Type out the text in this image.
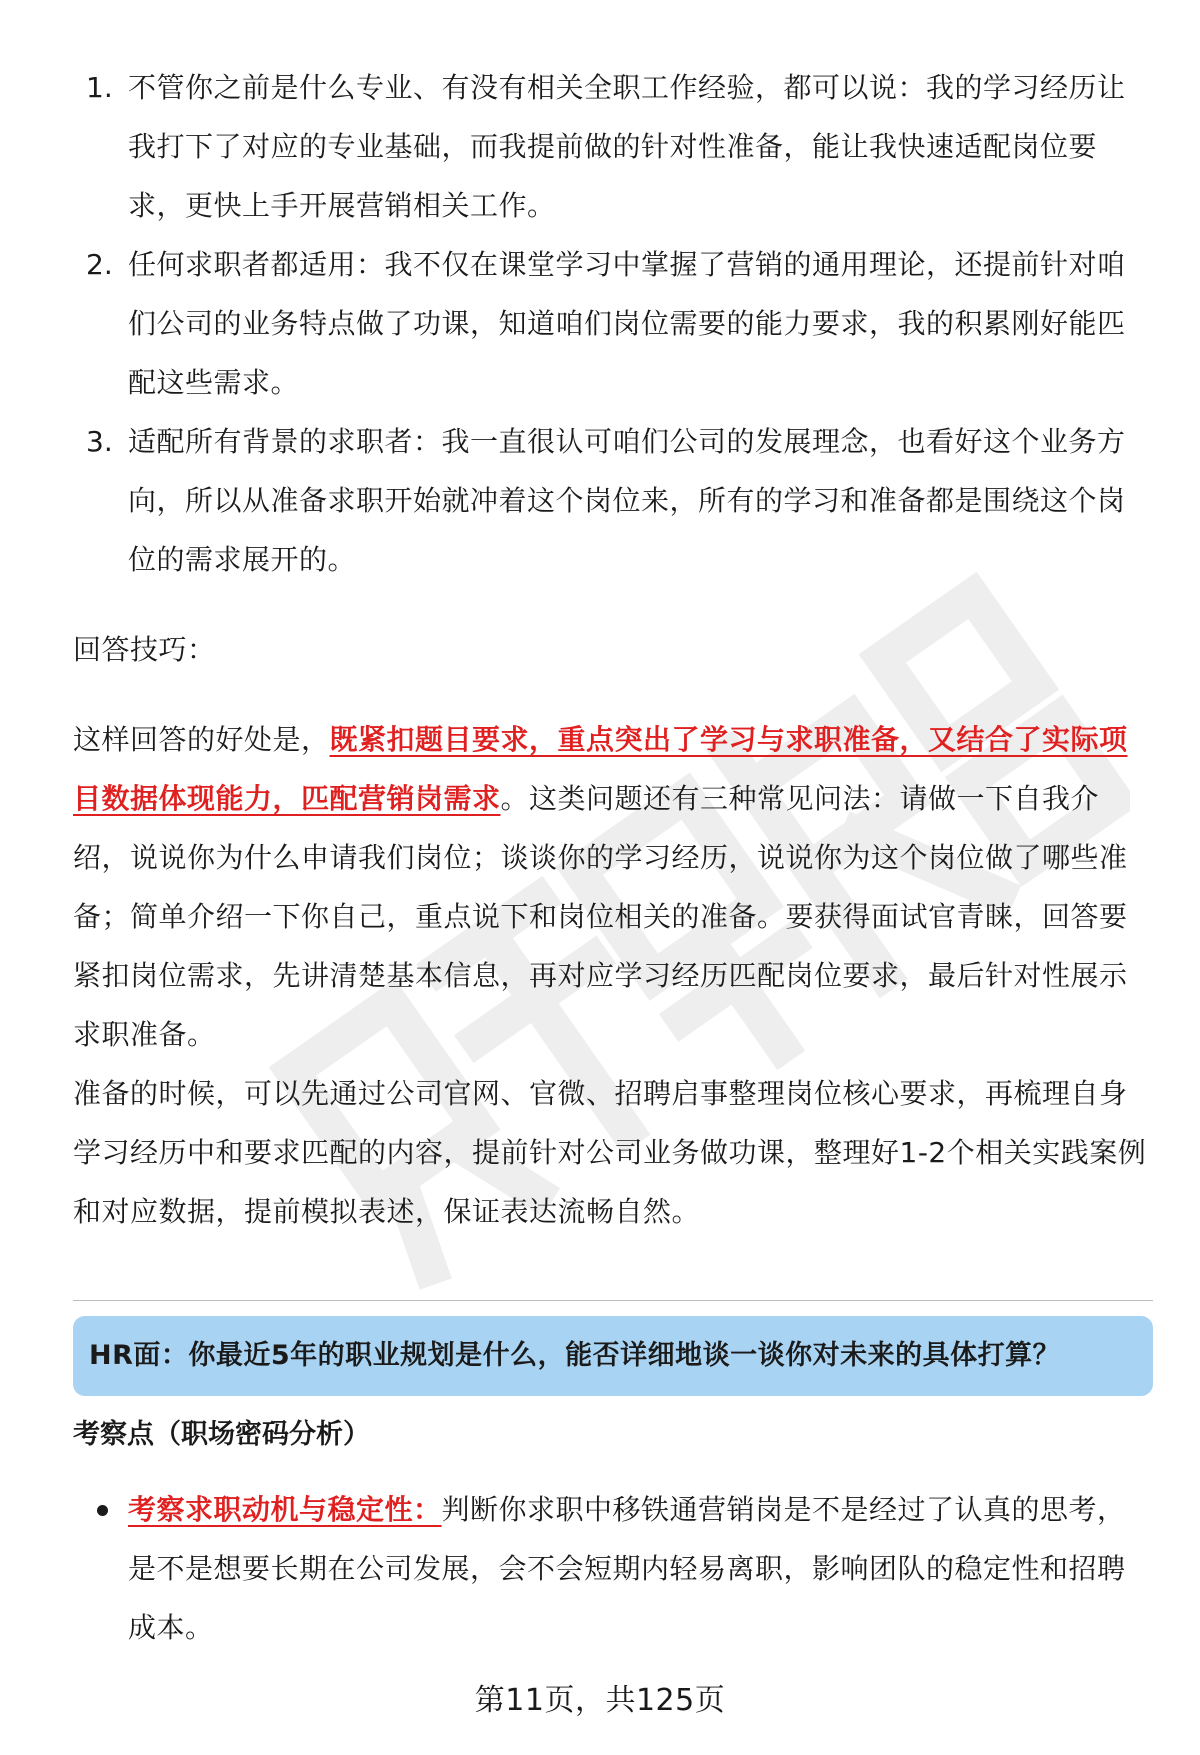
1. 不管你之前是什么专业、有没有相关全职工作经验，都可以说：我的学习经历让我打下了对应的专业基础，而我提前做的针对性准备，能让我快速适配岗位要求，更快上手开展营销相关工作。
2. 任何求职者都适用：我不仅在课堂学习中掌握了营销的通用理论，还提前针对咱们公司的业务特点做了功课，知道咱们岗位需要的能力要求，我的积累刚好能匹配这些需求。
3. 适配所有背景的求职者：我一直很认可咱们公司的发展理念，也看好这个业务方向，所以从准备求职开始就冲着这个岗位来，所有的学习和准备都是围绕这个岗位的需求展开的。
回答技巧：
这样回答的好处是，既紧扣题目要求，重点突出了学习与求职准备，又结合了实际项目数据体现能力，匹配营销岗需求。这类问题还有三种常见问法：请做一下自我介绍，说说你为什么申请我们岗位；谈谈你的学习经历，说说你为这个岗位做了哪些准备；简单介绍一下你自己，重点说下和岗位相关的准备。要获得面试官青睐，回答要紧扣岗位需求，先讲清楚基本信息，再对应学习经历匹配岗位要求，最后针对性展示求职准备。
准备的时候，可以先通过公司官网、官微、招聘启事整理岗位核心要求，再梳理自身学习经历中和要求匹配的内容，提前针对公司业务做功课，整理好1-2个相关实践案例和对应数据，提前模拟表述，保证表达流畅自然。
HR面：你最近5年的职业规划是什么，能否详细地谈一谈你对未来的具体打算？
考察点（职场密码分析）
考察求职动机与稳定性：判断你求职中移铁通营销岗是不是经过了认真的思考，是不是想要长期在公司发展，会不会短期内轻易离职，影响团队的稳定性和招聘成本。
第11页，共125页
